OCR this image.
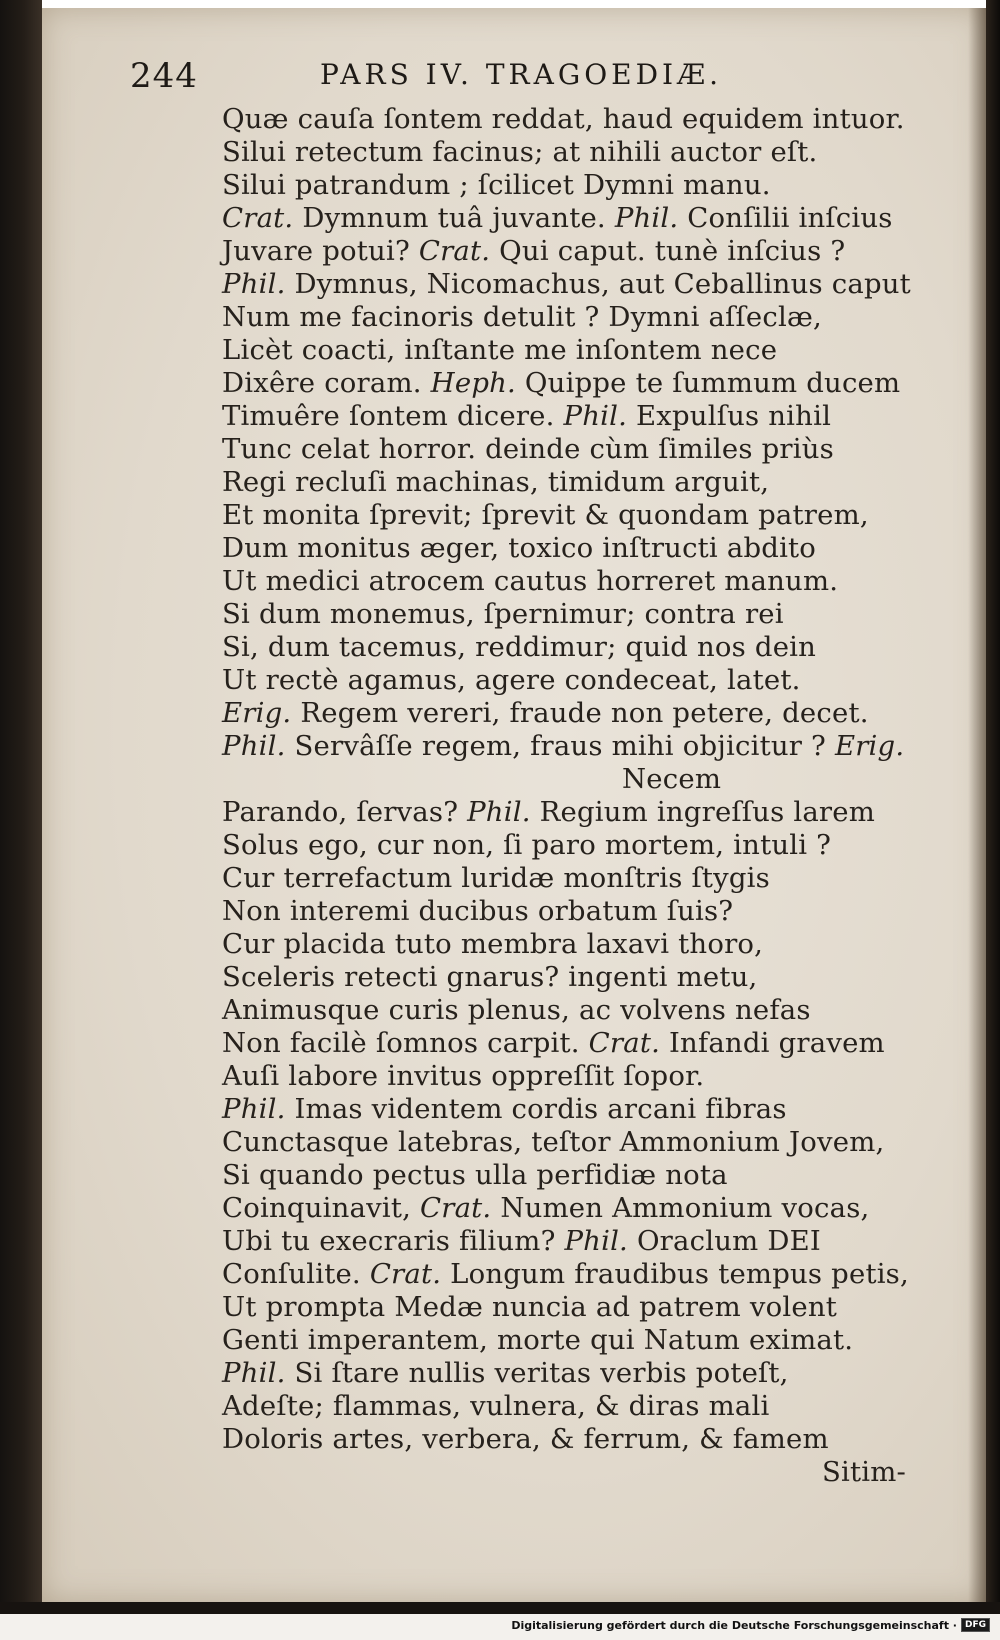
244	PARS IV. TRAGOEDIÆ.
Quæ cauſa ſontem reddat, haud equidem intuor.
Silui retectum facinus; at nihili auctor eſt.
Silui patrandum ; ſcilicet Dymni manu.
Crat. Dymnum tuâ juvante. Phil. Conſilii inſcius
Juvare potui? Crat. Qui caput. tunè inſcius ?
Phil. Dymnus, Nicomachus, aut Ceballinus caput
Num me facinoris detulit ? Dymni aſſeclæ,
Licèt coacti, inſtante me inſontem nece
Dixêre coram. Heph. Quippe te ſummum ducem
Timuêre ſontem dicere. Phil. Expulſus nihil
Tunc celat horror. deinde cùm ſimiles priùs
Regi recluſi machinas, timidum arguit,
Et monita ſprevit; ſprevit & quondam patrem,
Dum monitus æger, toxico inſtructi abdito
Ut medici atrocem cautus horreret manum.
Si dum monemus, ſpernimur; contra rei
Si, dum tacemus, reddimur; quid nos dein
Ut rectè agamus, agere condeceat, latet.
Erig. Regem vereri, fraude non petere, decet.
Phil. Servâſſe regem, fraus mihi objicitur ? Erig.
Necem
Parando, ſervas? Phil. Regium ingreſſus larem
Solus ego, cur non, ſi paro mortem, intuli ?
Cur terrefactum luridæ monſtris ſtygis
Non interemi ducibus orbatum ſuis?
Cur placida tuto membra laxavi thoro,
Sceleris retecti gnarus? ingenti metu,
Animusque curis plenus, ac volvens nefas
Non facilè ſomnos carpit. Crat. Infandi gravem
Auſi labore invitus oppreſſit ſopor.
Phil. Imas videntem cordis arcani fibras
Cunctasque latebras, teſtor Ammonium Jovem,
Si quando pectus ulla perfidiæ nota
Coinquinavit, Crat. Numen Ammonium vocas,
Ubi tu execraris filium? Phil. Oraclum DEI
Conſulite. Crat. Longum fraudibus tempus petis,
Ut prompta Medæ nuncia ad patrem volent
Genti imperantem, morte qui Natum eximat.
Phil. Si ſtare nullis veritas verbis poteſt,
Adeſte; flammas, vulnera, & diras mali
Doloris artes, verbera, & ferrum, & famem
Sitim-
Digitalisierung gefördert durch die Deutsche Forschungsgemeinschaft · DFG
